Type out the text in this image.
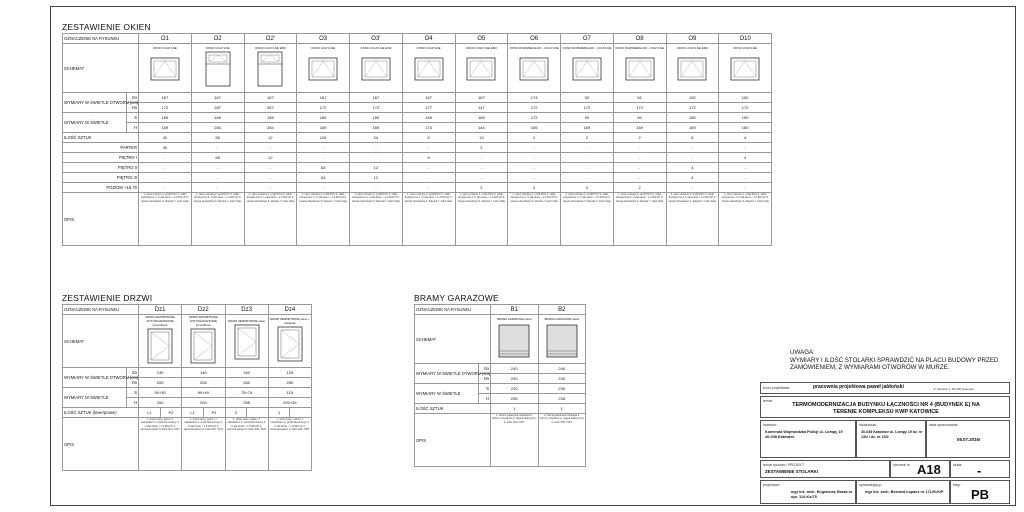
ZESTAWIENIE OKIEN
OZNACZENIE NA RYSUNKU		O1	O2	O2'	O3	O3'	O4	O5	O6	O7	O8	O9	O10
SCHEMAT		OKNO UCHYLNE	OKNO UCHYLNE	OKNO UCHYLNE EI30	OKNO UCHYLNE	OKNO UCHYLNE EI30	OKNO UCHYLNE	OKNO UCHYLNE EI30	OKNO ROZWIERALNO - UCHYLNE	OKNO ROZWIERALNO - UCHYLNE	OKNO ROZWIERALNO - UCHYLNE	OKNO UCHYLNE EI30	OKNO UCHYLNE

WYMIARY W ŚWIETLE OTWORU (cm)	So	167	167	167	167	167	167	167	174	92	62	152	152
	Ho	172	287	287	172	172	177	147	172	172	172	172	172
WYMIARY W ŚWIETLE	S	165	165	165	165	165	165	165	172	90	60	150	150
	H	169	284	284	169	169	174	144	169	169	169	169	169
ILOŚĆ SZTUK		40	58	12	126	24	6	13	2	2	2	8	4
PARTER		40	-	-	-	-	-	2	-	-	-	-	-
PIĘTRO I		-	58	12	-	-	6	-	-	-	-	-	4
PIĘTRO II		-	-	-	63	12	-	-	-	-	-	4	-
PIĘTRO III		-	-	-	63	12	-	-	-	-	-	4	-
POZIOM +16,70		-	-	-	-	-	-	2	2	2	2	-	-
OPIS		1. okno uchylne 2. profil PCV 3. szkło bezpieczne 4. U dla okna < 1,4 W/m²K 5. okucia obwodowe 6. klamka 7. kolor biały	1. okno uchylne 2. profil PCV 3. szkło bezpieczne 4. U dla okna < 1,4 W/m²K 5. okucia obwodowe 6. klamka 7. kolor biały	1. okno uchylne 2. profil PCV 3. szkło bezpieczne 4. U dla okna < 1,4 W/m²K 5. okucia obwodowe 6. klamka 7. kolor biały	1. okno uchylne 2. profil PCV 3. szkło bezpieczne 4. U dla okna < 1,4 W/m²K 5. okucia obwodowe 6. klamka 7. kolor biały	1. okno uchylne 2. profil PCV 3. szkło bezpieczne 4. U dla okna < 1,4 W/m²K 5. okucia obwodowe 6. klamka 7. kolor biały	1. okno uchylne 2. profil PCV 3. szkło bezpieczne 4. U dla okna < 1,4 W/m²K 5. okucia obwodowe 6. klamka 7. kolor biały	1. okno uchylne 2. profil PCV 3. szkło bezpieczne 4. U dla okna < 1,4 W/m²K 5. okucia obwodowe 6. klamka 7. kolor biały	1. okno uchylne 2. profil PCV 3. szkło bezpieczne 4. U dla okna < 1,4 W/m²K 5. okucia obwodowe 6. klamka 7. kolor biały	1. okno uchylne 2. profil PCV 3. szkło bezpieczne 4. U dla okna < 1,4 W/m²K 5. okucia obwodowe 6. klamka 7. kolor biały	1. okno uchylne 2. profil PCV 3. szkło bezpieczne 4. U dla okna < 1,4 W/m²K 5. okucia obwodowe 6. klamka 7. kolor biały	1. okno uchylne 2. profil PCV 3. szkło bezpieczne 4. U dla okna < 1,4 W/m²K 5. okucia obwodowe 6. klamka 7. kolor biały	1. okno uchylne 2. profil PCV 3. szkło bezpieczne 4. U dla okna < 1,4 W/m²K 5. okucia obwodowe 6. klamka 7. kolor biały
ZESTAWIENIE DRZWI
OZNACZENIE NA RYSUNKU		Dz1		Dz2		Dz3		Dz4	
SCHEMAT		DRZWI ZEWNĘTRZNE ANTYWŁAMANIOWE przeszklone		DRZWI ZEWNĘTRZNE ANTYWŁAMANIOWE przeszklone		DRZWI ZEWNĘTRZNE pełne		DRZWI ZEWNĘTRZNE pełne + naświetle	

WYMIARY W ŚWIETLE OTWORU (cm)	So	130		140		160		125	
	Ho	205		205		260		250	
WYMIARY W ŚWIETLE	S	90+30		90+40		75+75		115	
	H	200		200		255		200+45	
ILOŚĆ SZTUK (lewe/prawe)		L1	P2	L1	P1	2		1	
OPIS		1. drzwi zewn. pełne / z naświetlem 2. profil aluminiowy 3. U dla drzwi < 1,5 W/m²K 4. samozamykacz 5. kolor RAL 7037		1. drzwi zewn. pełne / z naświetlem 2. profil aluminiowy 3. U dla drzwi < 1,5 W/m²K 4. samozamykacz 5. kolor RAL 7037		1. drzwi zewn. pełne / z naświetlem 2. profil aluminiowy 3. U dla drzwi < 1,5 W/m²K 4. samozamykacz 5. kolor RAL 7037		1. drzwi zewn. pełne / z naświetlem 2. profil aluminiowy 3. U dla drzwi < 1,5 W/m²K 4. samozamykacz 5. kolor RAL 7037	
BRAMY GARAŻOWE
OZNACZENIE NA RYSUNKU		B1	B2
SCHEMAT		BRAMA GARAŻOWA pełna	BRAMA GARAŻOWA pełna

WYMIARY W ŚWIETLE OTWORU (cm)	So	240	240
	Ho	240	240
WYMIARY W ŚWIETLE	S	230	230
	H	235	235
ILOŚĆ SZTUK		1	1
OPIS		1. brama garażowa rolowana 2. dobrze ocieplona 3. napęd elektryczny 4. kolor RAL 7037	1. brama garażowa rolowana 2. dobrze ocieplona 3. napęd elektryczny 4. kolor RAL 7037
UWAGA:
WYMIARY I ILOŚĆ STOLARKI SPRAWDZIĆ NA PLACU BUDOWY PRZED ZAMÓWIENIEM, Z WYMIARAMI OTWORÓW W MURZE.
biuro projektowe:	pracownia projektowa paweł jabłoński	ul. Szkolna 1, 00-000 Katowice
temat:
TERMOMODERNIZACJA BUDYNKU ŁĄCZNOŚCI NR 4 (BUDYNEK E) NA TERENIE KOMPLEKSU KWP KATOWICE
inwestor:
Komenda Wojewódzka Policji ul. Lompy 19 40-038 Katowice
lokalizacja:
40-038 Katowice ul. Lompy 19 dz. nr 13/2 i dz. nr 15/2
data opracowania:
06.07.2016r
temat rysunku: PROJEKT
ZESTAWIENIE STOLARKI
rysunek nr A18	skala: -
projektant:
mgr inż. arch. Eugeniusz Skaza nr upr. 114-Ko/75
sprawdzający:
mgr inż. arch. Bernard Łopacz nr 171/91/OP
etap:
PB
